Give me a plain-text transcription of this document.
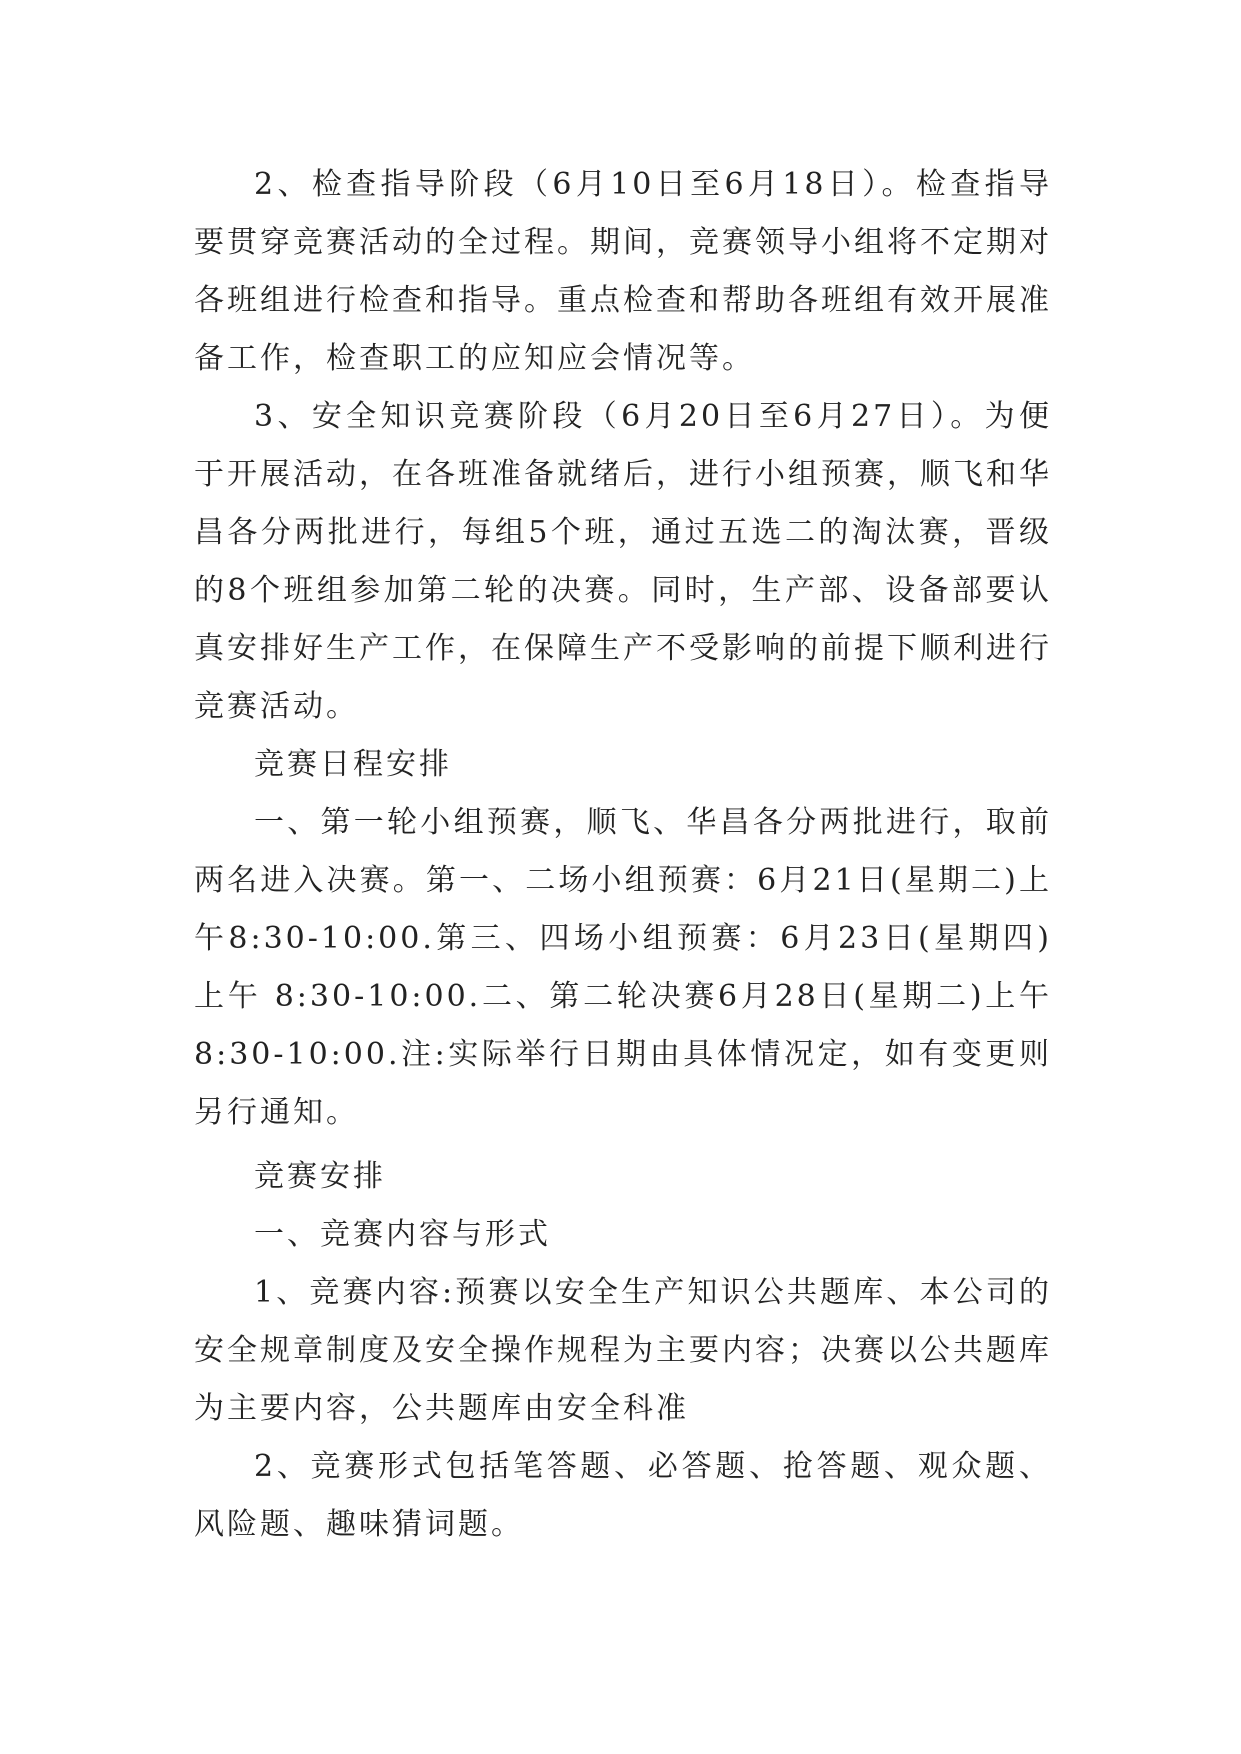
2、检查指导阶段（6月10日至6月18日）。检查指导要贯穿竞赛活动的全过程。期间，竞赛领导小组将不定期对各班组进行检查和指导。重点检查和帮助各班组有效开展准备工作，检查职工的应知应会情况等。

3、安全知识竞赛阶段（6月20日至6月27日）。为便于开展活动，在各班准备就绪后，进行小组预赛，顺飞和华昌各分两批进行，每组5个班，通过五选二的淘汰赛，晋级的8个班组参加第二轮的决赛。同时，生产部、设备部要认真安排好生产工作，在保障生产不受影响的前提下顺利进行竞赛活动。

竞赛日程安排

一、第一轮小组预赛，顺飞、华昌各分两批进行，取前两名进入决赛。第一、二场小组预赛：6月21日(星期二)上午8:30-10:00.第三、四场小组预赛：6月23日(星期四)上午 8:30-10:00.二、第二轮决赛6月28日(星期二)上午8:30-10:00.注:实际举行日期由具体情况定，如有变更则另行通知。

竞赛安排

一、竞赛内容与形式

1、竞赛内容:预赛以安全生产知识公共题库、本公司的安全规章制度及安全操作规程为主要内容；决赛以公共题库为主要内容，公共题库由安全科准

2、竞赛形式包括笔答题、必答题、抢答题、观众题、风险题、趣味猜词题。
